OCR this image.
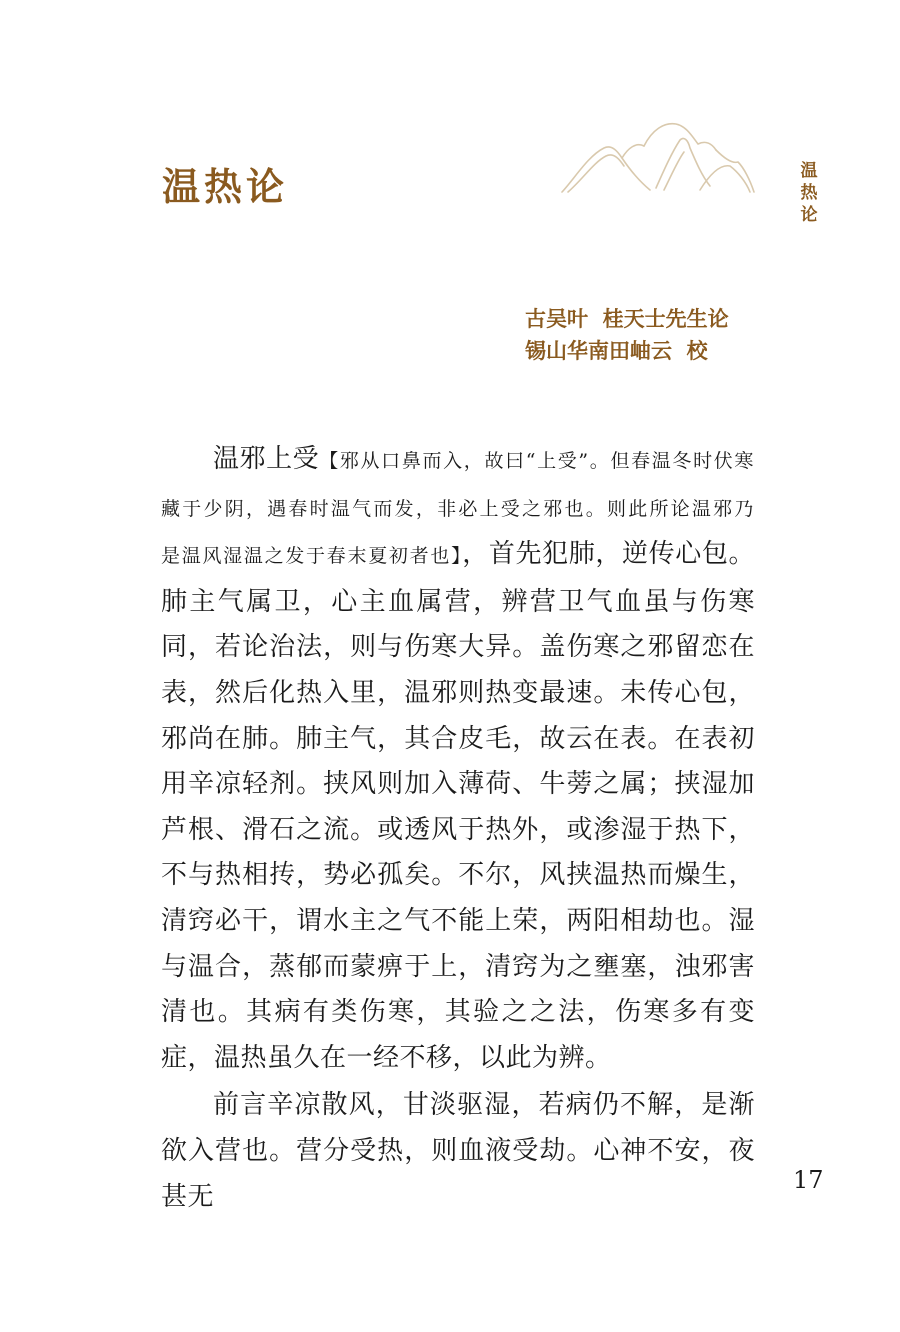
温热论	温
热
论
古吴叶  桂天士先生论
锡山华南田岫云  校

温邪上受【邪从口鼻而入，故曰“上受”。但春温冬时伏寒藏于少阴，遇春时温气而发，非必上受之邪也。则此所论温邪乃是温风湿温之发于春末夏初者也】，首先犯肺，逆传心包。肺主气属卫，心主血属营，辨营卫气血虽与伤寒同，若论治法，则与伤寒大异。盖伤寒之邪留恋在表，然后化热入里，温邪则热变最速。未传心包，邪尚在肺。肺主气，其合皮毛，故云在表。在表初用辛凉轻剂。挟风则加入薄荷、牛蒡之属；挟湿加芦根、滑石之流。或透风于热外，或渗湿于热下，不与热相抟，势必孤矣。不尔，风挟温热而燥生，清窍必干，谓水主之气不能上荣，两阳相劫也。湿与温合，蒸郁而蒙痹于上，清窍为之壅塞，浊邪害清也。其病有类伤寒，其验之之法，伤寒多有变症，温热虽久在一经不移，以此为辨。

前言辛凉散风，甘淡驱湿，若病仍不解，是渐欲入营也。营分受热，则血液受劫。心神不安，夜甚无

17
